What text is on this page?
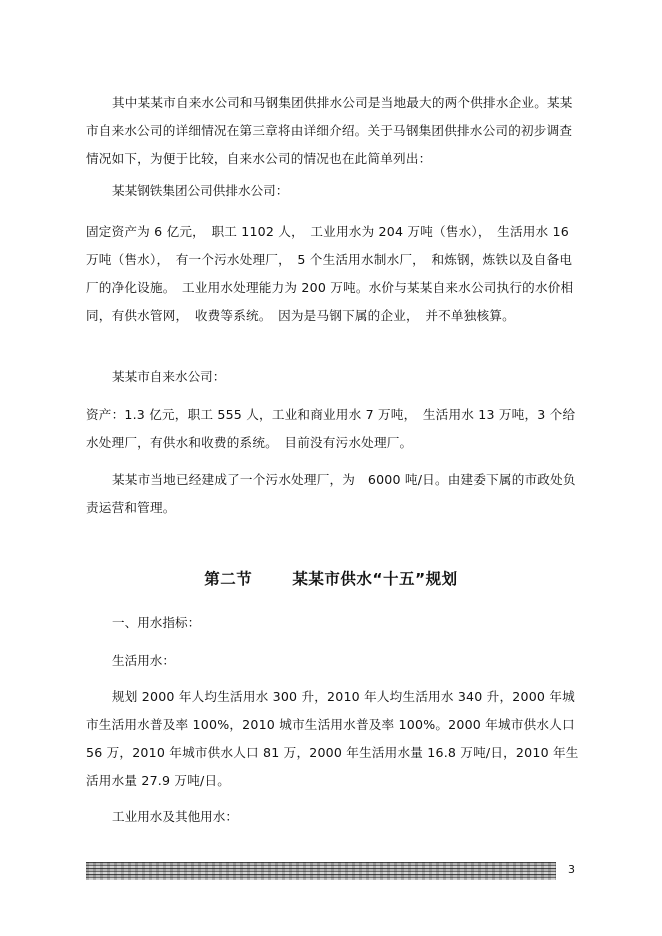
其中某某市自来水公司和马钢集团供排水公司是当地最大的两个供排水企业。某某市自来水公司的详细情况在第三章将由详细介绍。关于马钢集团供排水公司的初步调查情况如下，为便于比较，自来水公司的情况也在此简单列出：

某某钢铁集团公司供排水公司：

固定资产为 6 亿元，　职工 1102 人，　工业用水为 204 万吨（售水），　生活用水 16 万吨（售水），　有一个污水处理厂，　5 个生活用水制水厂，　和炼钢，炼铁以及自备电厂的净化设施。　工业用水处理能力为 200 万吨。水价与某某自来水公司执行的水价相同，有供水管网，　收费等系统。　因为是马钢下属的企业，　并不单独核算。

某某市自来水公司：

资产：1.3 亿元，职工 555 人，工业和商业用水 7 万吨，　生活用水 13 万吨，3 个给水处理厂，有供水和收费的系统。　目前没有污水处理厂。

某某市当地已经建成了一个污水处理厂，为　6000 吨/日。由建委下属的市政处负责运营和管理。

第二节	某某市供水“十五”规划
一、用水指标：
生活用水：

规划 2000 年人均生活用水 300 升，2010 年人均生活用水 340 升，2000 年城市生活用水普及率 100%，2010 城市生活用水普及率 100%。2000 年城市供水人口 56 万，2010 年城市供水人口 81 万，2000 年生活用水量 16.8 万吨/日，2010 年生活用水量 27.9 万吨/日。

工业用水及其他用水：
3
